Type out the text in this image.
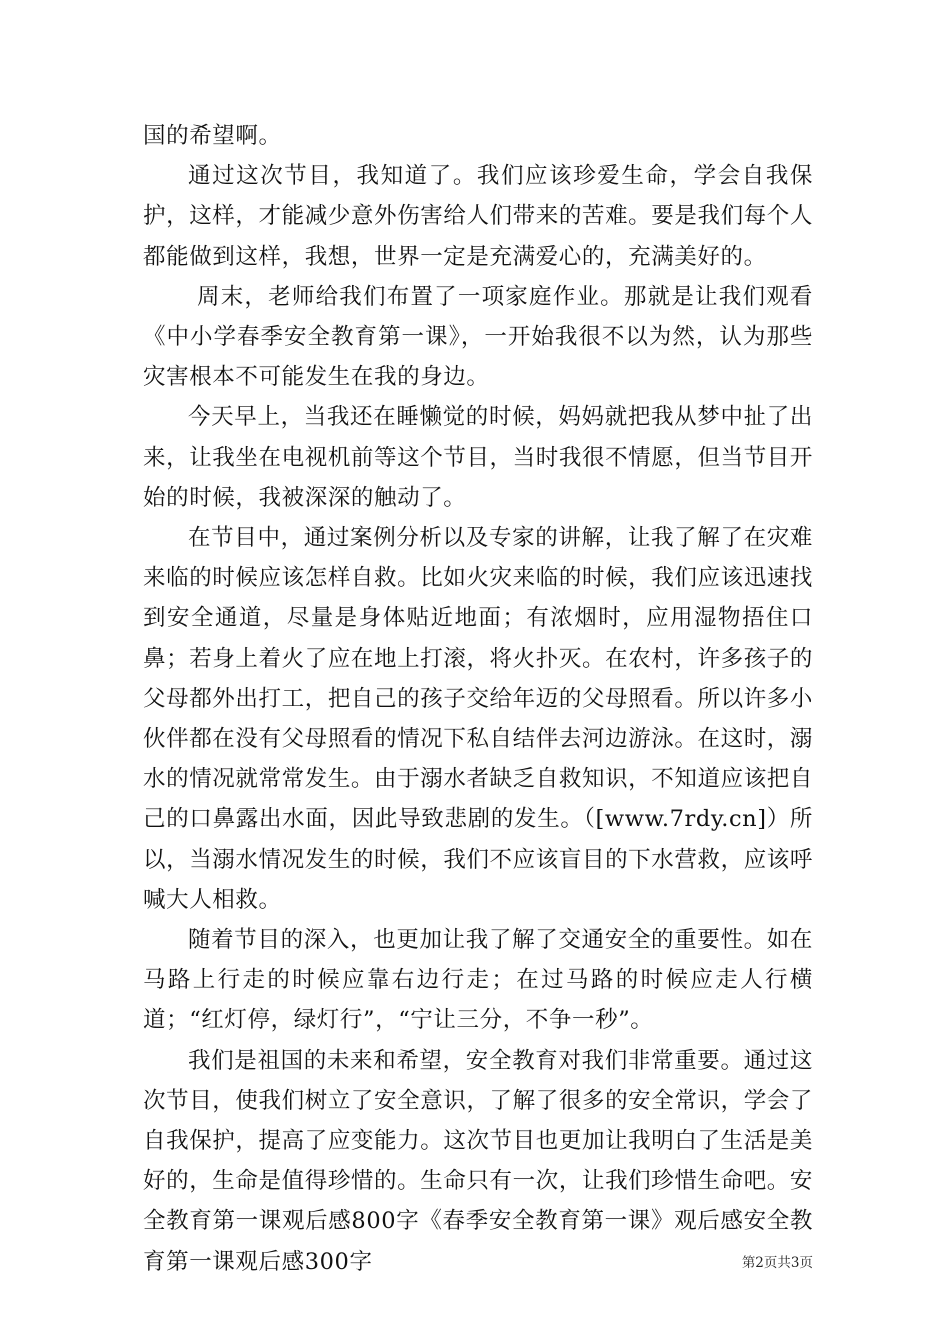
国的希望啊。

通过这次节目，我知道了。我们应该珍爱生命，学会自我保护，这样，才能减少意外伤害给人们带来的苦难。要是我们每个人都能做到这样，我想，世界一定是充满爱心的，充满美好的。

周末，老师给我们布置了一项家庭作业。那就是让我们观看《中小学春季安全教育第一课》，一开始我很不以为然，认为那些灾害根本不可能发生在我的身边。

今天早上，当我还在睡懒觉的时候，妈妈就把我从梦中扯了出来，让我坐在电视机前等这个节目，当时我很不情愿，但当节目开始的时候，我被深深的触动了。

在节目中，通过案例分析以及专家的讲解，让我了解了在灾难来临的时候应该怎样自救。比如火灾来临的时候，我们应该迅速找到安全通道，尽量是身体贴近地面；有浓烟时，应用湿物捂住口鼻；若身上着火了应在地上打滚，将火扑灭。在农村，许多孩子的父母都外出打工，把自己的孩子交给年迈的父母照看。所以许多小伙伴都在没有父母照看的情况下私自结伴去河边游泳。在这时，溺水的情况就常常发生。由于溺水者缺乏自救知识，不知道应该把自己的口鼻露出水面，因此导致悲剧的发生。（[www.7rdy.cn]）所以，当溺水情况发生的时候，我们不应该盲目的下水营救，应该呼喊大人相救。

随着节目的深入，也更加让我了解了交通安全的重要性。如在马路上行走的时候应靠右边行走；在过马路的时候应走人行横道；“红灯停，绿灯行”，“宁让三分，不争一秒”。

我们是祖国的未来和希望，安全教育对我们非常重要。通过这次节目，使我们树立了安全意识，了解了很多的安全常识，学会了自我保护，提高了应变能力。这次节目也更加让我明白了生活是美好的，生命是值得珍惜的。生命只有一次，让我们珍惜生命吧。安全教育第一课观后感800字《春季安全教育第一课》观后感安全教育第一课观后感300字	第2页共3页
